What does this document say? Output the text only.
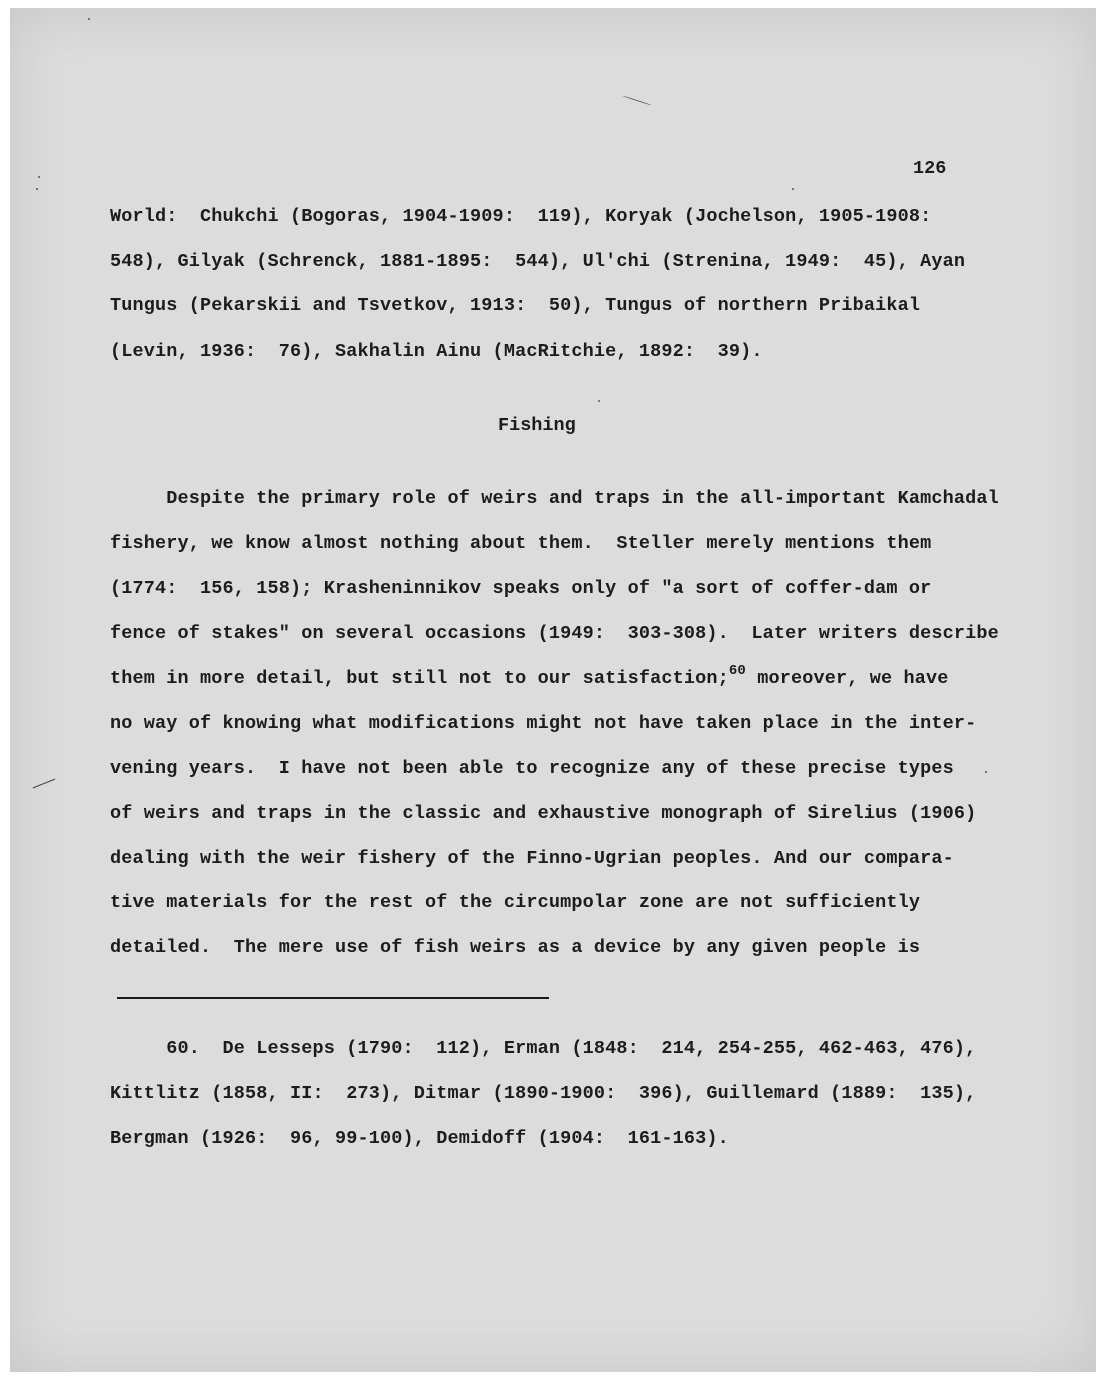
126
World:  Chukchi (Bogoras, 1904-1909:  119), Koryak (Jochelson, 1905-1908:
548), Gilyak (Schrenck, 1881-1895:  544), Ul'chi (Strenina, 1949:  45), Ayan
Tungus (Pekarskii and Tsvetkov, 1913:  50), Tungus of northern Pribaikal
(Levin, 1936:  76), Sakhalin Ainu (MacRitchie, 1892:  39).
Fishing
Despite the primary role of weirs and traps in the all-important Kamchadal
fishery, we know almost nothing about them.  Steller merely mentions them
(1774:  156, 158); Krasheninnikov speaks only of "a sort of coffer-dam or
fence of stakes" on several occasions (1949:  303-308).  Later writers describe
them in more detail, but still not to our satisfaction;$^{60}$ moreover, we have
no way of knowing what modifications might not have taken place in the inter-
vening years.  I have not been able to recognize any of these precise types
of weirs and traps in the classic and exhaustive monograph of Sirelius (1906)
dealing with the weir fishery of the Finno-Ugrian peoples. And our compara-
tive materials for the rest of the circumpolar zone are not sufficiently
detailed.  The mere use of fish weirs as a device by any given people is
60.  De Lesseps (1790:  112), Erman (1848:  214, 254-255, 462-463, 476),
Kittlitz (1858, II:  273), Ditmar (1890-1900:  396), Guillemard (1889:  135),
Bergman (1926:  96, 99-100), Demidoff (1904:  161-163).
